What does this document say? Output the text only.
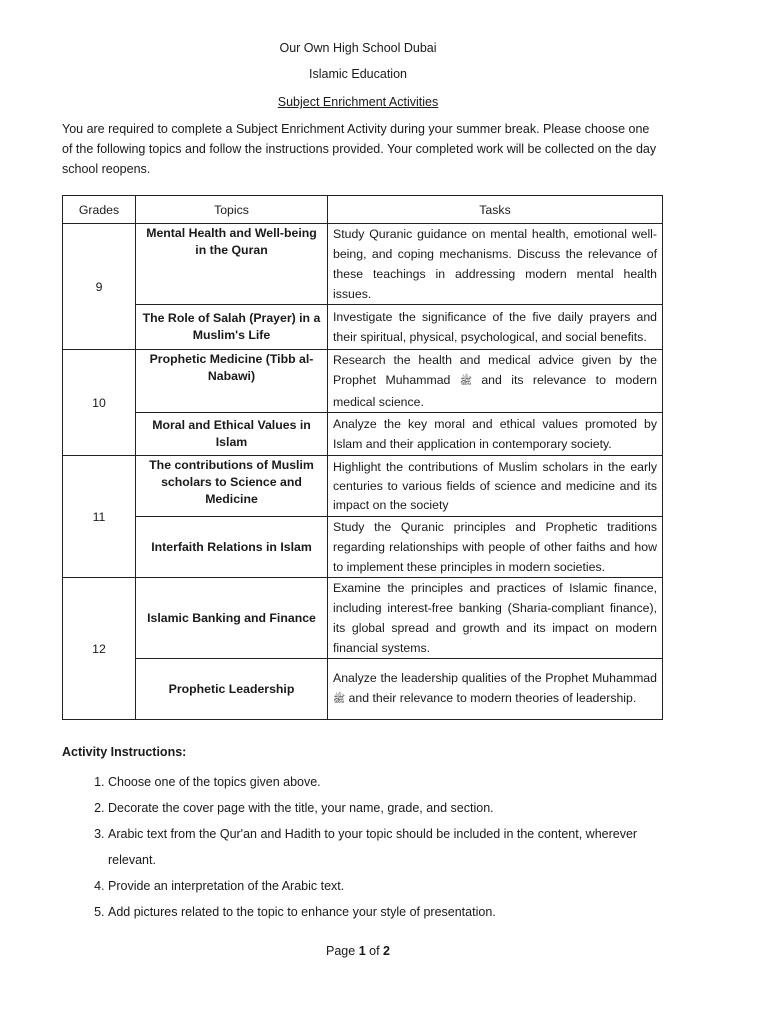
Our Own High School Dubai
Islamic Education
Subject Enrichment Activities
You are required to complete a Subject Enrichment Activity during your summer break. Please choose one of the following topics and follow the instructions provided. Your completed work will be collected on the day school reopens.
Grades	Topics	Tasks
9	Mental Health and Well-being in the Quran	Study Quranic guidance on mental health, emotional well-being, and coping mechanisms. Discuss the relevance of these teachings in addressing modern mental health issues.
	The Role of Salah (Prayer) in a Muslim's Life	Investigate the significance of the five daily prayers and their spiritual, physical, psychological, and social benefits.
10	Prophetic Medicine (Tibb al-Nabawi)	Research the health and medical advice given by the Prophet Muhammad ﷺ and its relevance to modern medical science.
	Moral and Ethical Values in Islam	Analyze the key moral and ethical values promoted by Islam and their application in contemporary society.
11	The contributions of Muslim scholars to Science and Medicine	Highlight the contributions of Muslim scholars in the early centuries to various fields of science and medicine and its impact on the society
	Interfaith Relations in Islam	Study the Quranic principles and Prophetic traditions regarding relationships with people of other faiths and how to implement these principles in modern societies.
12	Islamic Banking and Finance	Examine the principles and practices of Islamic finance, including interest-free banking (Sharia-compliant finance), its global spread and growth and its impact on modern financial systems.
	Prophetic Leadership	Analyze the leadership qualities of the Prophet Muhammad ﷺ and their relevance to modern theories of leadership.
Activity Instructions:
1. Choose one of the topics given above.
2. Decorate the cover page with the title, your name, grade, and section.
3. Arabic text from the Qur'an and Hadith to your topic should be included in the content, wherever relevant.
4. Provide an interpretation of the Arabic text.
5. Add pictures related to the topic to enhance your style of presentation.
Page 1 of 2
